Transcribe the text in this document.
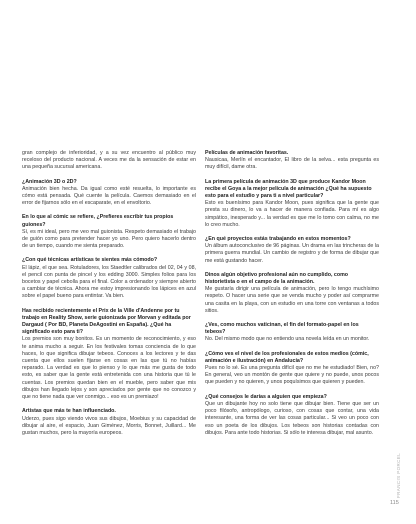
gran complejo de inferioridad, y a su vez encuentro al público muy receloso del producto nacional. A veces me da la sensación de estar en una pequeña sucursal americana.

¿Animación 3D o 2D?

Animación bien hecha. Da igual como esté resuelta, lo importante es cómo está pensada. Qué cuente la película. Caemos demasiado en el error de fijarnos sólo en el escaparate, en el envoltorio.

En lo que al cómic se refiere, ¿Prefieres escribir tus propios guiones?

Sí, es mi ideal, pero me veo mal guionista. Respeto demasiado el trabajo de guión como para pretender hacer yo uno. Pero quiero hacerlo dentro de un tiempo, cuando me sienta preparado.

¿Con qué técnicas artísticas te sientes más cómodo?

El lápiz, el que sea. Rotuladores, los Staedtler calibrados del 02, 04 y 08, el pencil con punta de pincel y los edding 3000. Simples folios para los bocetos y papel cebolla para el final. Color a ordenador y siempre abierto a cambiar de técnica. Ahora me estoy impresionando los lápices en azul sobre el papel bueno para entintar. Va bien.

Has recibido recientemente el Prix de la Ville d'Andenne por tu trabajo en Reality Show, serie guionizada por Morvan y editada por Dargaud ( Por BD, Planeta DeAgostini en España). ¿Qué ha significado esto para ti?

Los premios son muy bonitos. Es un momento de reconocimiento, y eso te anima mucho a seguir. En los festivales tomas conciencia de lo que haces, lo que significa dibujar tebeos. Conoces a los lectores y te das cuenta que ellos suelen fijarse en cosas en las que tú no habías reparado. La verdad es que lo pienso y lo que más me gusta de todo esto, es saber que la gente está entretenida con una historia que tú le cuentas. Los premios quedan bien en el mueble, pero saber que mis dibujos han llegado lejos y son apreciados por gente que no conozco y que no tiene nada que ver conmigo... eso es un premiazo!

Artistas que más te han influenciado.

Uderzo, pues sigo viendo vivos sus dibujos, Moebius y su capacidad de dibujar al aire, el espacio, Juan Giménez, Morris, Bonnet, Juillard... Me gustan muchos, pero la mayoría europeos.

Películas de animación favoritas.

Nausicaa, Merlín el encantador, El libro de la selva... esta pregunta es muy difícil, dame otra.

La primera película de animación 3D que produce Kandor Moon recibe el Goya a la mejor película de animación ¿Qué ha supuesto esto para el estudio y para ti a nivel particular?

Esto es buenísimo para Kandor Moon, pues significa que la gente que presta su dinero, lo va a hacer de manera confiada. Para mí es algo simpático, inesperado y... la verdad es que me lo tomo con calma, no me lo creo mucho.

¿En qué proyectos estás trabajando en estos momentos?

Un álbum autoconclusivo de 96 páginas. Un drama en las trincheras de la primera guerra mundial. Un cambio de registro y de forma de dibujar que me está gustando hacer.

Dinos algún objetivo profesional aún no cumplido, como historietista o en el campo de la animación.

Me gustaría dirigir una película de animación, pero lo tengo muchísimo respeto. O hacer una serie que se venda mucho y poder así comprarme una casita en la playa, con un estudio en una torre con ventanas a todos sitios.

¿Ves, como muchos vaticinan, el fin del formato-papel en los tebeos?

No. Del mismo modo que no entiendo una novela leída en un monitor.

¿Cómo ves el nivel de los profesionales de estos medios (cómic, animación e ilustración) en Andalucía?

Pues no lo sé. Es una pregunta difícil que no me he estudiado! Bien, no? En general, veo un montón de gente que quiere y no puede, unos pocos que pueden y no quieren, y unos poquísimos que quieren y pueden.

¿Qué consejos le darías a alguien que empieza?

Que un dibujante hoy no solo tiene que dibujar bien. Tiene que ser un poco filósofo, antropólogo, curioso, con cosas que contar, una vida interesante, una forma de ver las cosas particular... Si veo un poco con eso un poeta de los dibujos. Los tebeos son historias contadas con dibujos. Para ante todo historias. Si sólo te interesa dibujar, mal asunto.

FRANCIS PORCEL
115
